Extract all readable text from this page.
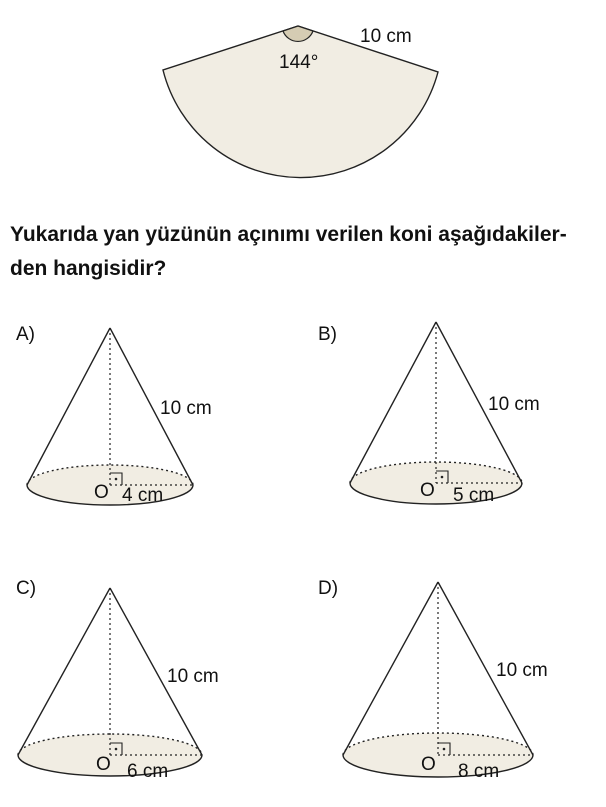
10 cm
144°
A)
10 cm
O 4 cm
B)
10 cm
O 5 cm
C)
10 cm
O 6 cm
D)
10 cm
O 8 cm

Yukarıda yan yüzünün açınımı verilen koni aşağıdakiler-
den hangisidir?
